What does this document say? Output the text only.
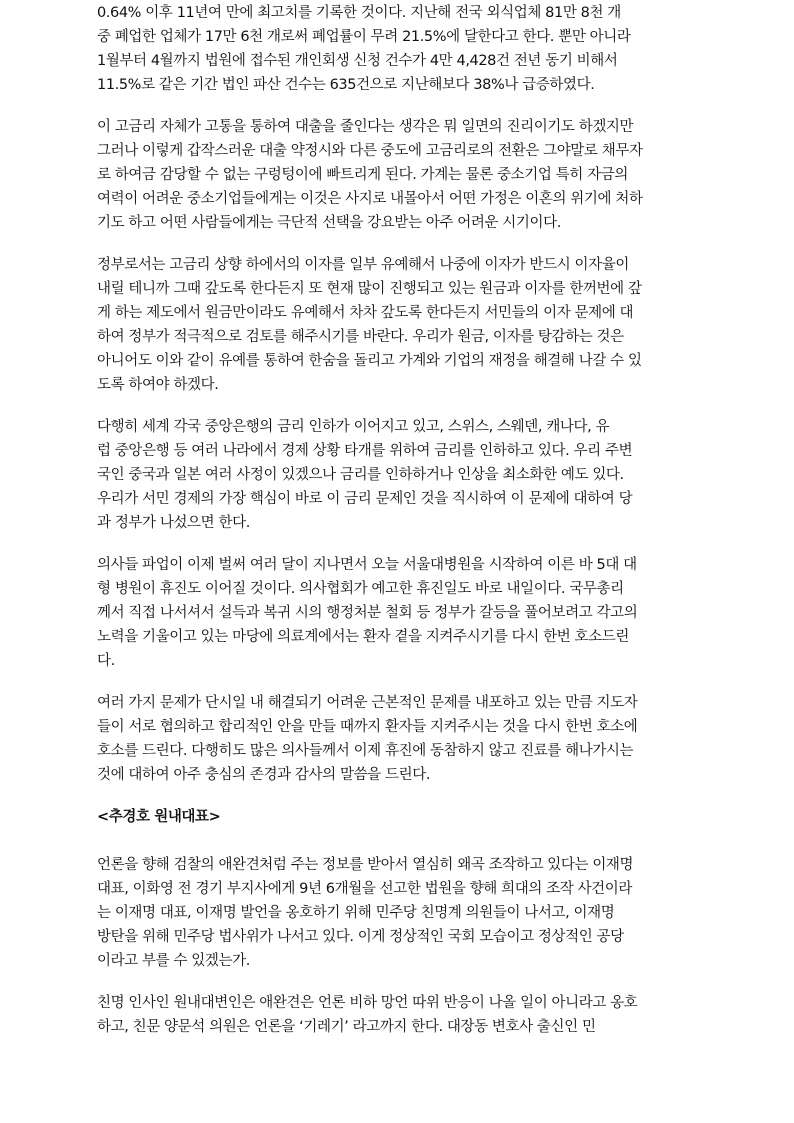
0.64% 이후 11년여 만에 최고치를 기록한 것이다. 지난해 전국 외식업체 81만 8천 개
중 폐업한 업체가 17만 6천 개로써 폐업률이 무려 21.5%에 달한다고 한다. 뿐만 아니라
1월부터 4월까지 법원에 접수된 개인회생 신청 건수가 4만 4,428건 전년 동기 비해서
11.5%로 같은 기간 법인 파산 건수는 635건으로 지난해보다 38%나 급증하였다.

이 고금리 자체가 고통을 통하여 대출을 줄인다는 생각은 뭐 일면의 진리이기도 하겠지만
그러나 이렇게 갑작스러운 대출 약정시와 다른 중도에 고금리로의 전환은 그야말로 채무자
로 하여금 감당할 수 없는 구렁텅이에 빠트리게 된다. 가계는 물론 중소기업 특히 자금의
여력이 어려운 중소기업들에게는 이것은 사지로 내몰아서 어떤 가정은 이혼의 위기에 처하
기도 하고 어떤 사람들에게는 극단적 선택을 강요받는 아주 어려운 시기이다.

정부로서는 고금리 상향 하에서의 이자를 일부 유예해서 나중에 이자가 반드시 이자율이
내릴 테니까 그때 갚도록 한다든지 또 현재 많이 진행되고 있는 원금과 이자를 한꺼번에 갚
게 하는 제도에서 원금만이라도 유예해서 차차 갚도록 한다든지 서민들의 이자 문제에 대
하여 정부가 적극적으로 검토를 해주시기를 바란다. 우리가 원금, 이자를 탕감하는 것은
아니어도 이와 같이 유예를 통하여 한숨을 돌리고 가계와 기업의 재정을 해결해 나갈 수 있
도록 하여야 하겠다.

다행히 세계 각국 중앙은행의 금리 인하가 이어지고 있고, 스위스, 스웨덴, 캐나다, 유
럽 중앙은행 등 여러 나라에서 경제 상황 타개를 위하여 금리를 인하하고 있다. 우리 주변
국인 중국과 일본 여러 사정이 있겠으나 금리를 인하하거나 인상을 최소화한 예도 있다.
우리가 서민 경제의 가장 핵심이 바로 이 금리 문제인 것을 직시하여 이 문제에 대하여 당
과 정부가 나섰으면 한다.

의사들 파업이 이제 벌써 여러 달이 지나면서 오늘 서울대병원을 시작하여 이른 바 5대 대
형 병원이 휴진도 이어질 것이다. 의사협회가 예고한 휴진일도 바로 내일이다. 국무총리
께서 직접 나서셔서 설득과 복귀 시의 행정처분 철회 등 정부가 갈등을 풀어보려고 각고의
노력을 기울이고 있는 마당에 의료계에서는 환자 곁을 지켜주시기를 다시 한번 호소드린
다.

여러 가지 문제가 단시일 내 해결되기 어려운 근본적인 문제를 내포하고 있는 만큼 지도자
들이 서로 협의하고 합리적인 안을 만들 때까지 환자들 지켜주시는 것을 다시 한번 호소에
호소를 드린다. 다행히도 많은 의사들께서 이제 휴진에 동참하지 않고 진료를 해나가시는
것에 대하여 아주 충심의 존경과 감사의 말씀을 드린다.

<추경호 원내대표>

언론을 향해 검찰의 애완견처럼 주는 정보를 받아서 열심히 왜곡 조작하고 있다는 이재명
대표, 이화영 전 경기 부지사에게 9년 6개월을 선고한 법원을 향해 희대의 조작 사건이라
는 이재명 대표, 이재명 발언을 옹호하기 위해 민주당 친명계 의원들이 나서고, 이재명
방탄을 위해 민주당 법사위가 나서고 있다. 이게 정상적인 국회 모습이고 정상적인 공당
이라고 부를 수 있겠는가.

친명 인사인 원내대변인은 애완견은 언론 비하 망언 따위 반응이 나올 일이 아니라고 옹호
하고, 친문 양문석 의원은 언론을 ‘기레기’ 라고까지 한다. 대장동 변호사 출신인 민
